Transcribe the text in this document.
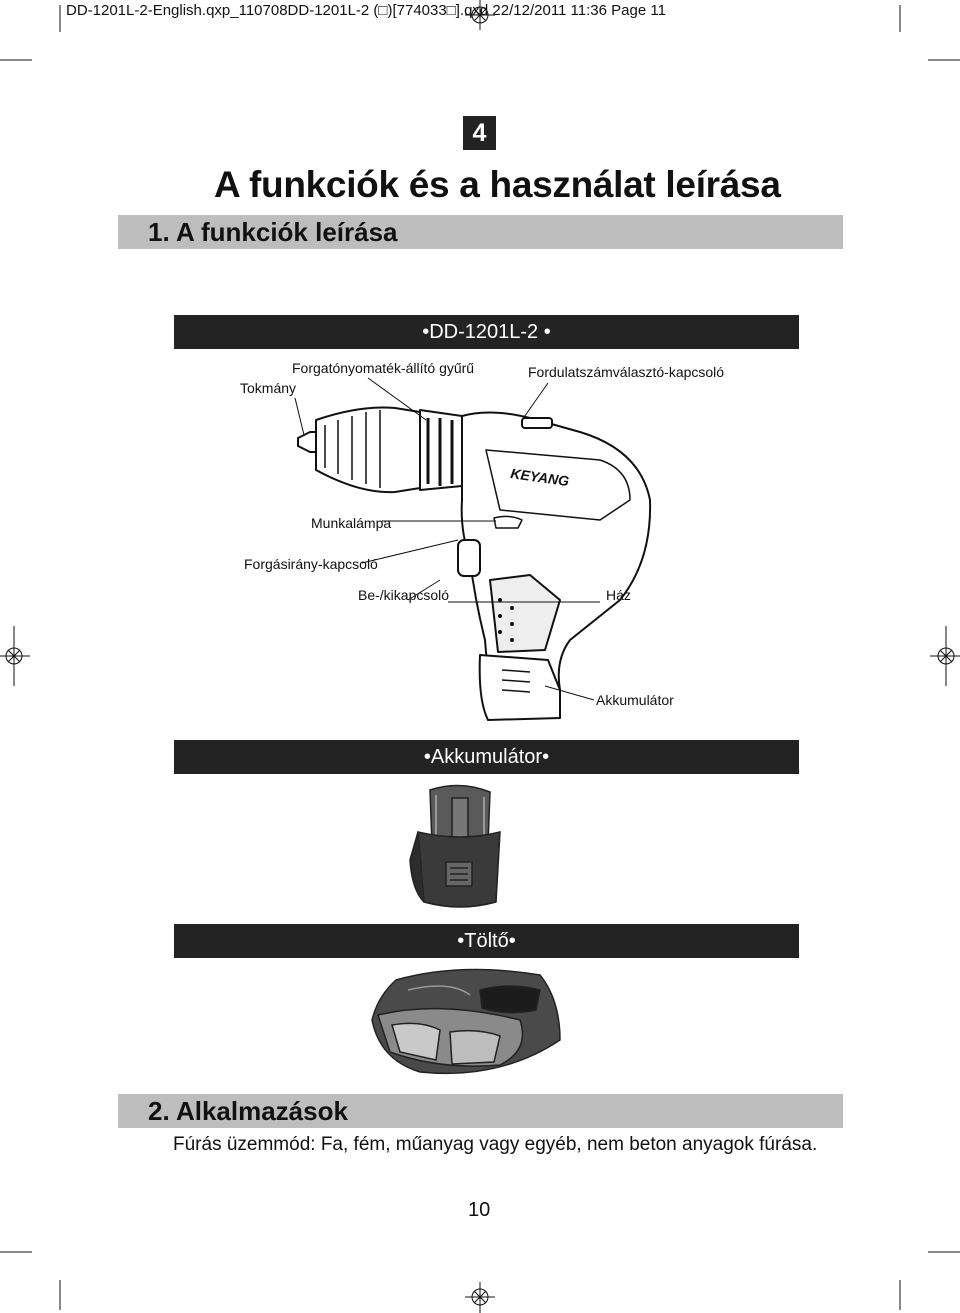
DD-1201L-2-English.qxp_110708DD-1201L-2 (□)[774033□].qxd 22/12/2011 11:36 Page 11
4
A funkciók és a használat leírása
1. A funkciók leírása
•DD-1201L-2 •
KEYANG
Forgatónyomaték-állító gyűrű
Tokmány
Fordulatszámválasztó-kapcsoló
Munkalámpa
Forgásirány-kapcsoló
Be-/kikapcsoló	Ház
Akkumulátor
•Akkumulátor•
•Töltő•
2. Alkalmazások
Fúrás üzemmód: Fa, fém, műanyag vagy egyéb, nem beton anyagok fúrása.
10
